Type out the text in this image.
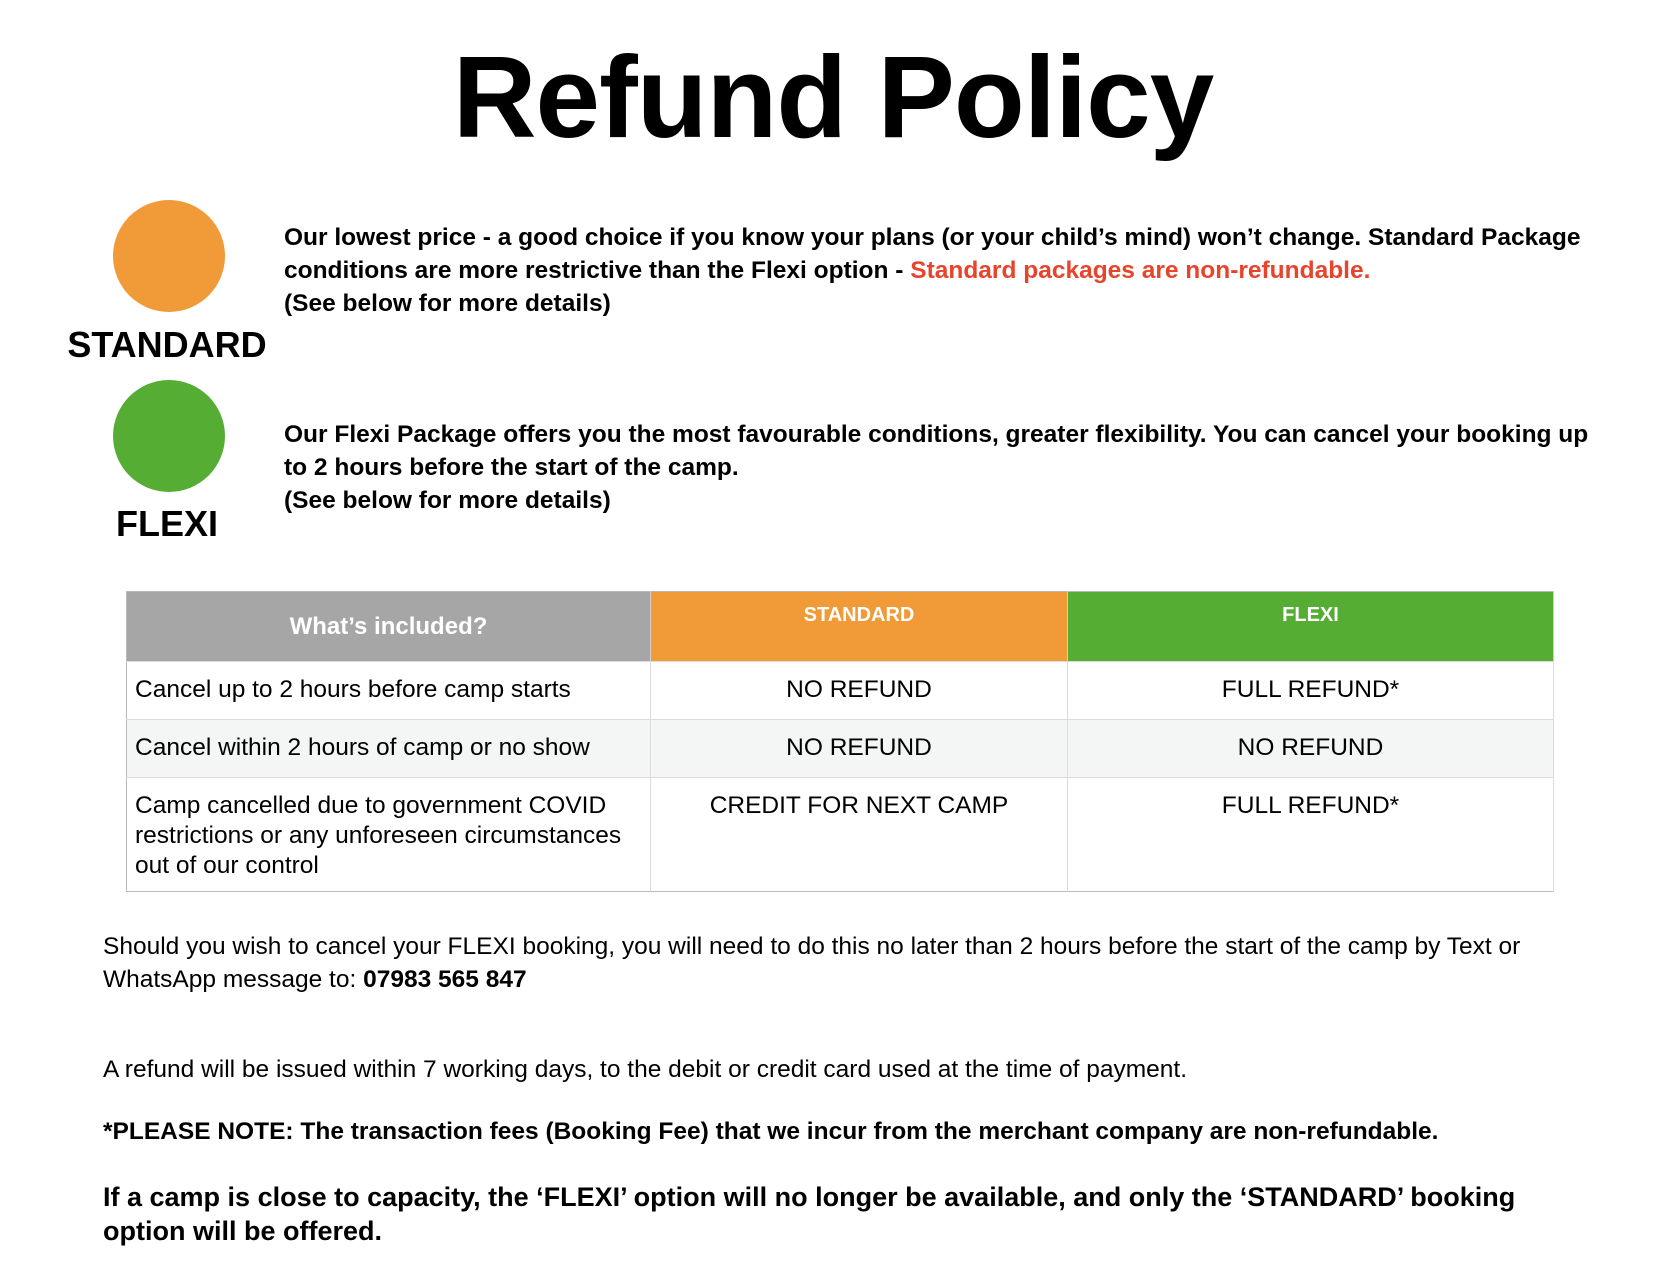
Refund Policy
STANDARD
Our lowest price - a good choice if you know your plans (or your child’s mind) won’t change. Standard Package conditions are more restrictive than the Flexi option - Standard packages are non-refundable.
(See below for more details)
FLEXI
Our Flexi Package offers you the most favourable conditions, greater flexibility. You can cancel your booking up to 2 hours before the start of the camp.
(See below for more details)
What’s included?	STANDARD	FLEXI
Cancel up to 2 hours before camp starts	NO REFUND	FULL REFUND*
Cancel within 2 hours of camp or no show	NO REFUND	NO REFUND
Camp cancelled due to government COVID restrictions or any unforeseen circumstances out of our control	CREDIT FOR NEXT CAMP	FULL REFUND*
Should you wish to cancel your FLEXI booking, you will need to do this no later than 2 hours before the start of the camp by Text or WhatsApp message to: 07983 565 847
A refund will be issued within 7 working days, to the debit or credit card used at the time of payment.
*PLEASE NOTE: The transaction fees (Booking Fee) that we incur from the merchant company are non-refundable.
If a camp is close to capacity, the ‘FLEXI’ option will no longer be available, and only the ‘STANDARD’ booking option will be offered.
